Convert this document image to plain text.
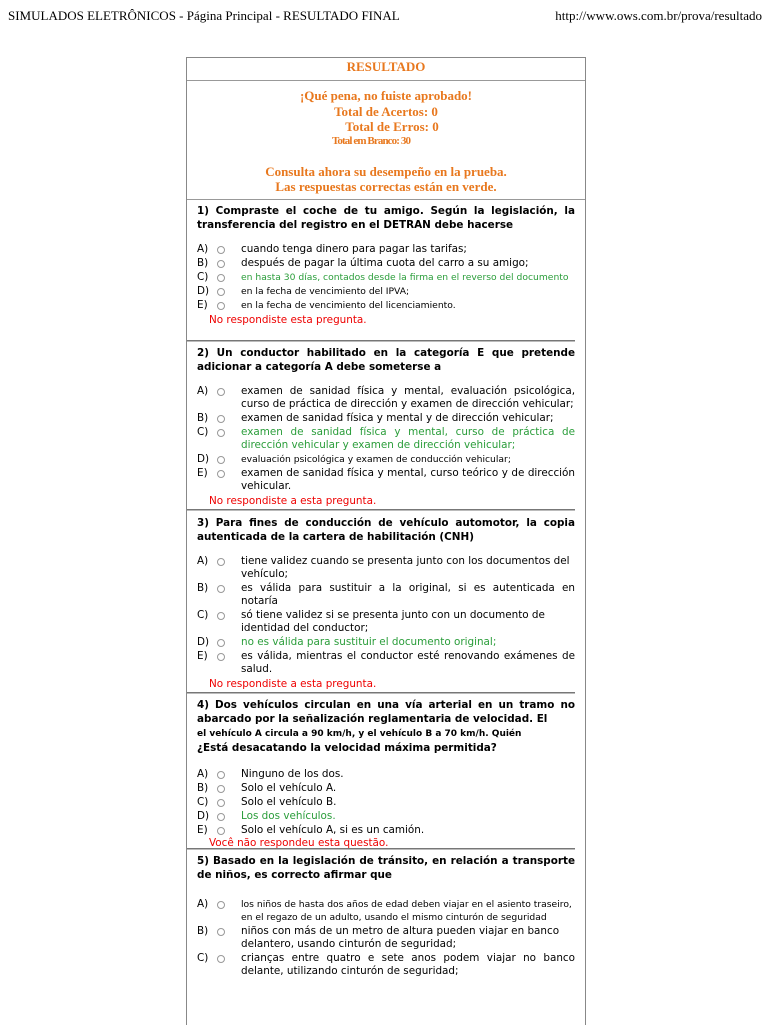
SIMULADOS ELETRÔNICOS - Página Principal - RESULTADO FINAL	http://www.ows.com.br/prova/resultado
RESULTADO
¡Qué pena, no fuiste aprobado!
Total de Acertos: 0
Total de Erros: 0
Total em Branco: 30
Consulta ahora su desempeño en la prueba.
Las respuestas correctas están en verde.
1) Compraste el coche de tu amigo. Según la legislación, la transferencia del registro en el DETRAN debe hacerse
A)	cuando tenga dinero para pagar las tarifas;
B)	después de pagar la última cuota del carro a su amigo;
C)	en hasta 30 días, contados desde la firma en el reverso del documento
D)	en la fecha de vencimiento del IPVA;
E)	en la fecha de vencimiento del licenciamiento.
No respondiste esta pregunta.
2) Un conductor habilitado en la categoría E que pretende adicionar a categoría A debe someterse a
A)	examen de sanidad física y mental, evaluación psicológica, curso de práctica de dirección y examen de dirección vehicular;
B)	examen de sanidad física y mental y de dirección vehicular;
C)	examen de sanidad física y mental, curso de práctica de dirección vehicular y examen de dirección vehicular;
D)	evaluación psicológica y examen de conducción vehicular;
E)	examen de sanidad física y mental, curso teórico y de dirección vehicular.
No respondiste a esta pregunta.
3) Para fines de conducción de vehículo automotor, la copia autenticada de la cartera de habilitación (CNH)
A)	tiene validez cuando se presenta junto con los documentos del vehículo;
B)	es válida para sustituir a la original, si es autenticada en notaría
C)	só tiene validez si se presenta junto con un documento de identidad del conductor;
D)	no es válida para sustituir el documento original;
E)	es válida, mientras el conductor esté renovando exámenes de salud.
No respondiste a esta pregunta.
4) Dos vehículos circulan en una vía arterial en un tramo no abarcado por la señalización reglamentaria de velocidad. El
el vehículo A circula a 90 km/h, y el vehículo B a 70 km/h. Quién
¿Está desacatando la velocidad máxima permitida?
A)	Ninguno de los dos.
B)	Solo el vehículo A.
C)	Solo el vehículo B.
D)	Los dos vehículos.
E)	Solo el vehículo A, si es un camión.
Você não respondeu esta questão.
5) Basado en la legislación de tránsito, en relación a transporte de niños, es correcto afirmar que
A)	los niños de hasta dos años de edad deben viajar en el asiento traseiro, en el regazo de un adulto, usando el mismo cinturón de seguridad
B)	niños con más de un metro de altura pueden viajar en banco delantero, usando cinturón de seguridad;
C)	crianças entre quatro e sete anos podem viajar no banco delante, utilizando cinturón de seguridad;
